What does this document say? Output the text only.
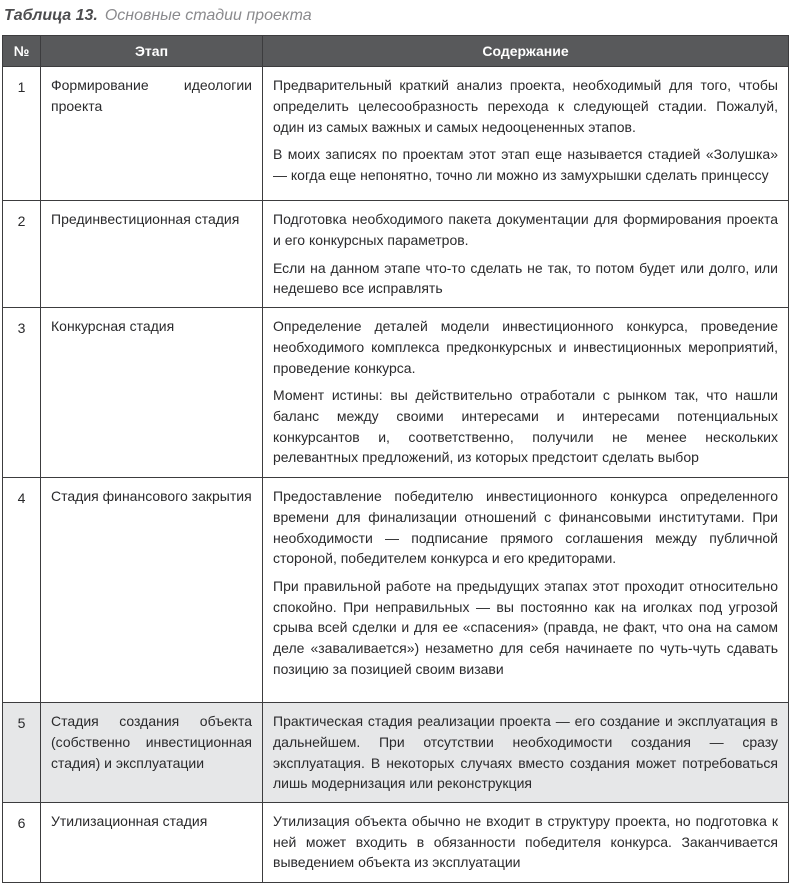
Таблица 13. Основные стадии проекта
№	Этап	Содержание
1	Формирование идеологии проекта	Предварительный краткий анализ проекта, необходимый для того, чтобы определить целесообразность перехода к следующей стадии. Пожалуй, один из самых важных и самых недооцененных этапов.

В моих записях по проектам этот этап еще называется стадией «Золушка» — когда еще непонятно, точно ли можно из замухрышки сделать принцессу

2	Прединвестиционная стадия	Подготовка необходимого пакета документации для формирования проекта и его конкурсных параметров.

Если на данном этапе что-то сделать не так, то потом будет или долго, или недешево все исправлять

3	Конкурсная стадия	Определение деталей модели инвестиционного конкурса, проведение необходимого комплекса предконкурсных и инвестиционных мероприятий, проведение конкурса.

Момент истины: вы действительно отработали с рынком так, что нашли баланс между своими интересами и интересами потенциальных конкурсантов и, соответственно, получили не менее нескольких релевантных предложений, из которых предстоит сделать выбор

4	Стадия финансового закрытия	Предоставление победителю инвестиционного конкурса определенного времени для финализации отношений с финансовыми институтами. При необходимости — подписание прямого соглашения между публичной стороной, победителем конкурса и его кредиторами.

При правильной работе на предыдущих этапах этот проходит относительно спокойно. При неправильных — вы постоянно как на иголках под угрозой срыва всей сделки и для ее «спасения» (правда, не факт, что она на самом деле «заваливается») незаметно для себя начинаете по чуть-чуть сдавать позицию за позицией своим визави

5	Стадия создания объекта (собственно инвестиционная стадия) и эксплуатации	Практическая стадия реализации проекта — его создание и эксплуатация в дальнейшем. При отсутствии необходимости создания — сразу эксплуатация. В некоторых случаях вместо создания может потребоваться лишь модернизация или реконструкция

6	Утилизационная стадия	Утилизация объекта обычно не входит в структуру проекта, но подготовка к ней может входить в обязанности победителя конкурса. Заканчивается выведением объекта из эксплуатации
